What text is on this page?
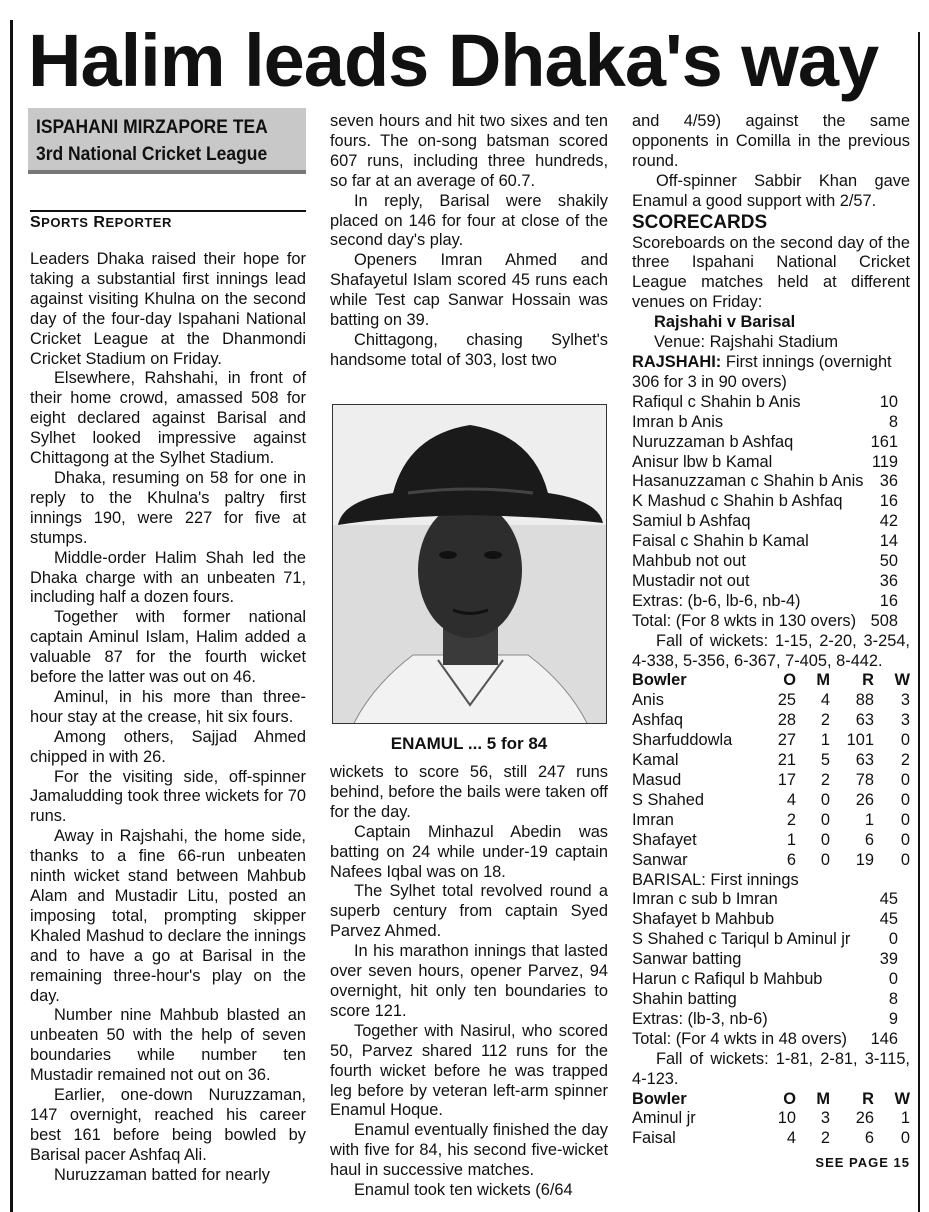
Halim leads Dhaka's way
ISPAHANI MIRZAPORE TEA
3rd National Cricket League
SPORTS REPORTER

Leaders Dhaka raised their hope for taking a substantial first innings lead against visiting Khulna on the second day of the four-day Ispahani National Cricket League at the Dhanmondi Cricket Stadium on Friday.

Elsewhere, Rahshahi, in front of their home crowd, amassed 508 for eight declared against Barisal and Sylhet looked impressive against Chittagong at the Sylhet Stadium.

Dhaka, resuming on 58 for one in reply to the Khulna's paltry first innings 190, were 227 for five at stumps.

Middle-order Halim Shah led the Dhaka charge with an unbeaten 71, including half a dozen fours.

Together with former national captain Aminul Islam, Halim added a valuable 87 for the fourth wicket before the latter was out on 46.

Aminul, in his more than three-hour stay at the crease, hit six fours.

Among others, Sajjad Ahmed chipped in with 26.

For the visiting side, off-spinner Jamaludding took three wickets for 70 runs.

Away in Rajshahi, the home side, thanks to a fine 66-run unbeaten ninth wicket stand between Mahbub Alam and Mustadir Litu, posted an imposing total, prompting skipper Khaled Mashud to declare the innings and to have a go at Barisal in the remaining three-hour's play on the day.

Number nine Mahbub blasted an unbeaten 50 with the help of seven boundaries while number ten Mustadir remained not out on 36.

Earlier, one-down Nuruzzaman, 147 overnight, reached his career best 161 before being bowled by Barisal pacer Ashfaq Ali.

Nuruzzaman batted for nearly

seven hours and hit two sixes and ten fours. The on-song batsman scored 607 runs, including three hundreds, so far at an average of 60.7.

In reply, Barisal were shakily placed on 146 for four at close of the second day's play.

Openers Imran Ahmed and Shafayetul Islam scored 45 runs each while Test cap Sanwar Hossain was batting on 39.

Chittagong, chasing Sylhet's handsome total of 303, lost two

ENAMUL ... 5 for 84

wickets to score 56, still 247 runs behind, before the bails were taken off for the day.

Captain Minhazul Abedin was batting on 24 while under-19 captain Nafees Iqbal was on 18.

The Sylhet total revolved round a superb century from captain Syed Parvez Ahmed.

In his marathon innings that lasted over seven hours, opener Parvez, 94 overnight, hit only ten boundaries to score 121.

Together with Nasirul, who scored 50, Parvez shared 112 runs for the fourth wicket before he was trapped leg before by veteran left-arm spinner Enamul Hoque.

Enamul eventually finished the day with five for 84, his second five-wicket haul in successive matches.

Enamul took ten wickets (6/64

and 4/59) against the same opponents in Comilla in the previous round.

Off-spinner Sabbir Khan gave Enamul a good support with 2/57.

SCORECARDS

Scoreboards on the second day of the three Ispahani National Cricket League matches held at different venues on Friday:

Rajshahi v Barisal
Venue: Rajshahi Stadium
RAJSHAHI: First innings (overnight 306 for 3 in 90 overs)
Rafiqul c Shahin b Anis	10
Imran b Anis	8
Nuruzzaman b Ashfaq	161
Anisur lbw b Kamal	119
Hasanuzzaman c Shahin b Anis 36
K Mashud c Shahin b Ashfaq 16
Samiul b Ashfaq	42
Faisal c Shahin b Kamal	14
Mahbub not out	50
Mustadir not out	36
Extras: (b-6, lb-6, nb-4)	16
Total: (For 8 wkts in 130 overs) 508

Fall of wickets: 1-15, 2-20, 3-254, 4-338, 5-356, 6-367, 7-405, 8-442.

Bowler	O	M	R	W
Anis	25	4	88	3
Ashfaq	28	2	63	3
Sharfuddowla	27	1	101	0
Kamal	21	5	63	2
Masud	17	2	78	0
S Shahed	4	0	26	0
Imran	2	0	1	0
Shafayet	1	0	6	0
Sanwar	6	0	19	0
BARISAL: First innings
Imran c sub b Imran	45
Shafayet b Mahbub	45
S Shahed c Tariqul b Aminul jr 0
Sanwar batting	39
Harun c Rafiqul b Mahbub	0
Shahin batting	8
Extras: (lb-3, nb-6)	9
Total: (For 4 wkts in 48 overs) 146

Fall of wickets: 1-81, 2-81, 3-115, 4-123.

Bowler	O	M	R	W
Aminul jr	10	3	26	1
Faisal	4	2	6	0
SEE PAGE 15
